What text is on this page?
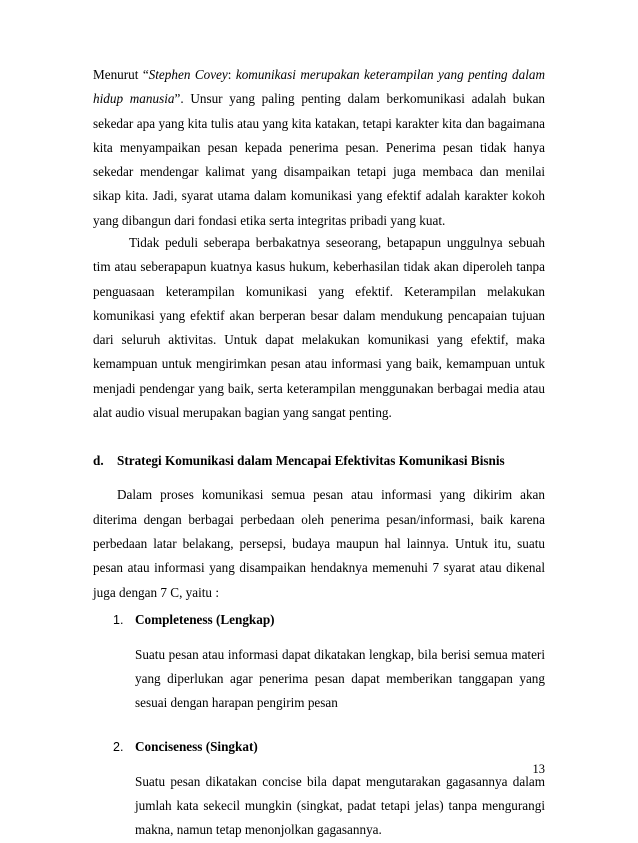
Menurut “Stephen Covey: komunikasi merupakan keterampilan yang penting dalam hidup manusia”. Unsur yang paling penting dalam berkomunikasi adalah bukan sekedar apa yang kita tulis atau yang kita katakan, tetapi karakter kita dan bagaimana kita menyampaikan pesan kepada penerima pesan. Penerima pesan tidak hanya sekedar mendengar kalimat yang disampaikan tetapi juga membaca dan menilai sikap kita. Jadi, syarat utama dalam komunikasi yang efektif adalah karakter kokoh yang dibangun dari fondasi etika serta integritas pribadi yang kuat.

Tidak peduli seberapa berbakatnya seseorang, betapapun unggulnya sebuah tim atau seberapapun kuatnya kasus hukum, keberhasilan tidak akan diperoleh tanpa penguasaan keterampilan komunikasi yang efektif. Keterampilan melakukan komunikasi yang efektif akan berperan besar dalam mendukung pencapaian tujuan dari seluruh aktivitas. Untuk dapat melakukan komunikasi yang efektif, maka kemampuan untuk mengirimkan pesan atau informasi yang baik, kemampuan untuk menjadi pendengar yang baik, serta keterampilan menggunakan berbagai media atau alat audio visual merupakan bagian yang sangat penting.

d.	Strategi Komunikasi dalam Mencapai Efektivitas Komunikasi Bisnis

Dalam proses komunikasi semua pesan atau informasi yang dikirim akan diterima dengan berbagai perbedaan oleh penerima pesan/informasi, baik karena perbedaan latar belakang, persepsi, budaya maupun hal lainnya. Untuk itu, suatu pesan atau informasi yang disampaikan hendaknya memenuhi 7 syarat atau dikenal juga dengan 7 C, yaitu :

1. Completeness (Lengkap)

Suatu pesan atau informasi dapat dikatakan lengkap, bila berisi semua materi yang diperlukan agar penerima pesan dapat memberikan tanggapan yang sesuai dengan harapan pengirim pesan

2. Conciseness (Singkat)

Suatu pesan dikatakan concise bila dapat mengutarakan gagasannya dalam jumlah kata sekecil mungkin (singkat, padat tetapi jelas) tanpa mengurangi makna, namun tetap menonjolkan gagasannya.

13
